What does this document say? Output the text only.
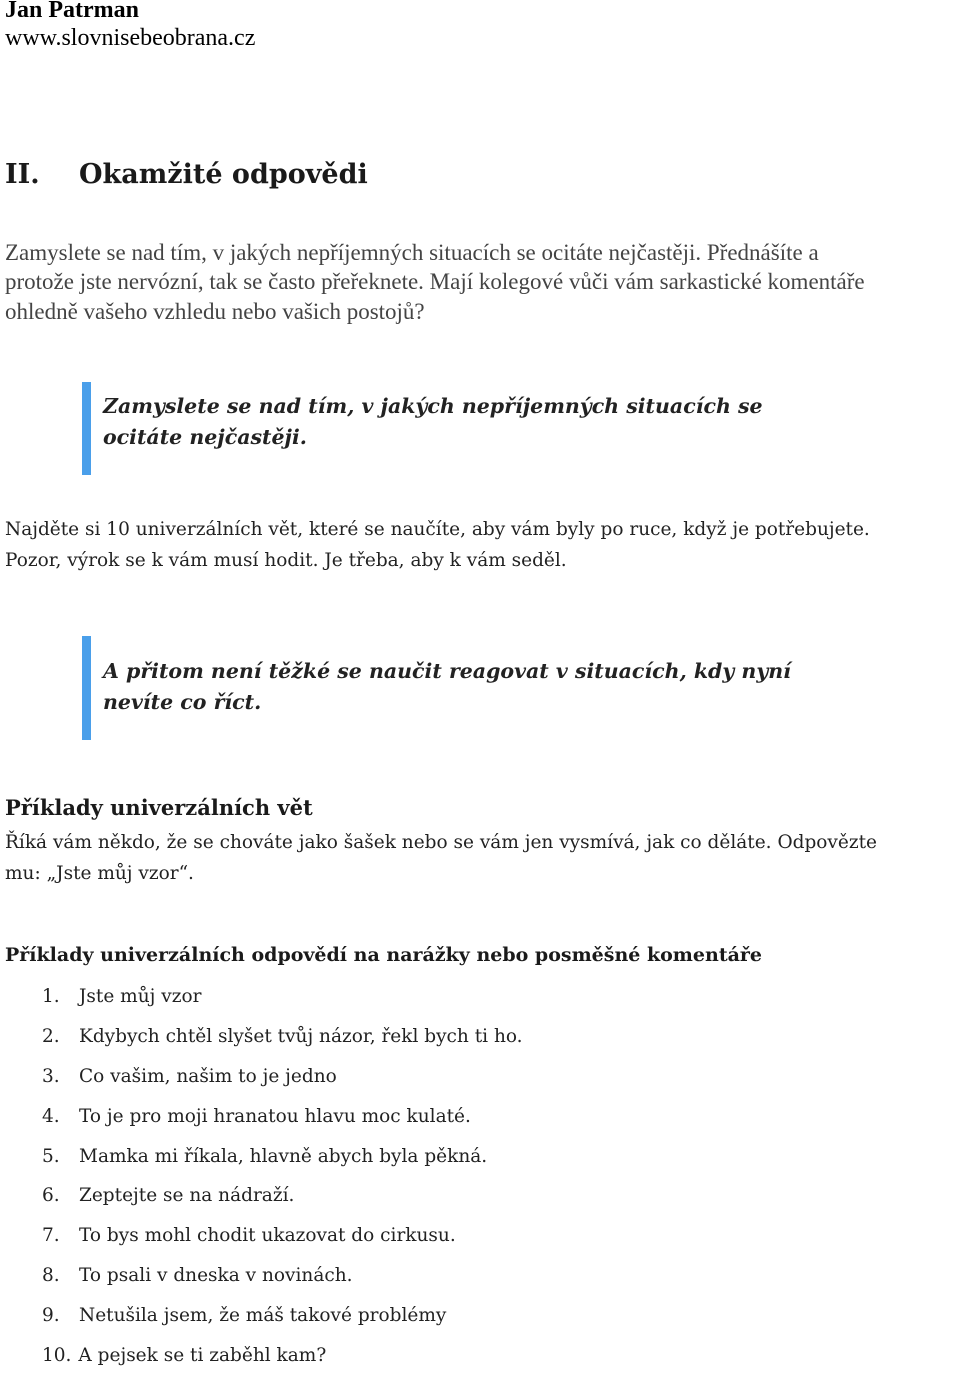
Jan Patrman
www.slovnisebeobrana.cz
II. Okamžité odpovědi
Zamyslete se nad tím, v jakých nepříjemných situacích se ocitáte nejčastěji. Přednášíte a
protože jste nervózní, tak se často přeřeknete. Mají kolegové vůči vám sarkastické komentáře
ohledně vašeho vzhledu nebo vašich postojů?
Zamyslete se nad tím, v jakých nepříjemných situacích se
ocitáte nejčastěji.
Najděte si 10 univerzálních vět, které se naučíte, aby vám byly po ruce, když je potřebujete.
Pozor, výrok se k vám musí hodit. Je třeba, aby k vám seděl.
A přitom není těžké se naučit reagovat v situacích, kdy nyní
nevíte co říct.
Příklady univerzálních vět
Říká vám někdo, že se chováte jako šašek nebo se vám jen vysmívá, jak co děláte. Odpovězte
mu: „Jste můj vzor“.
Příklady univerzálních odpovědí na narážky nebo posměšné komentáře
1. Jste můj vzor
2. Kdybych chtěl slyšet tvůj názor, řekl bych ti ho.
3. Co vašim, našim to je jedno
4. To je pro moji hranatou hlavu moc kulaté.
5. Mamka mi říkala, hlavně abych byla pěkná.
6. Zeptejte se na nádraží.
7. To bys mohl chodit ukazovat do cirkusu.
8. To psali v dneska v novinách.
9. Netušila jsem, že máš takové problémy
10. A pejsek se ti zaběhl kam?
